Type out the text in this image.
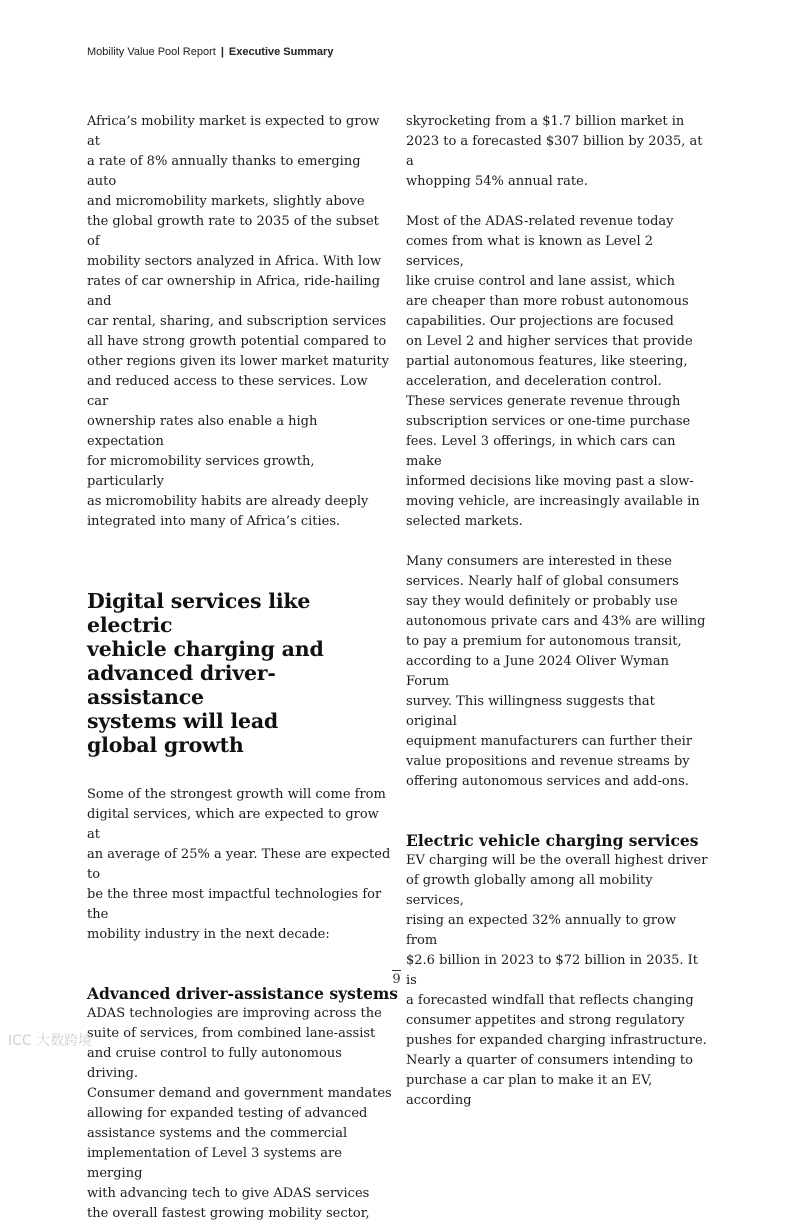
Mobility Value Pool Report | Executive Summary

Africa’s mobility market is expected to grow at
a rate of 8% annually thanks to emerging auto
and micromobility markets, slightly above
the global growth rate to 2035 of the subset of
mobility sectors analyzed in Africa. With low
rates of car ownership in Africa, ride-hailing and
car rental, sharing, and subscription services
all have strong growth potential compared to
other regions given its lower market maturity
and reduced access to these services. Low car
ownership rates also enable a high expectation
for micromobility services growth, particularly
as micromobility habits are already deeply
integrated into many of Africa’s cities.

Digital services like electric
vehicle charging and
advanced driver-assistance
systems will lead
global growth

Some of the strongest growth will come from
digital services, which are expected to grow at
an average of 25% a year. These are expected to
be the three most impactful technologies for the
mobility industry in the next decade:

Advanced driver-assistance systems

ADAS technologies are improving across the
suite of services, from combined lane-assist
and cruise control to fully autonomous driving.
Consumer demand and government mandates
allowing for expanded testing of advanced
assistance systems and the commercial
implementation of Level 3 systems are merging
with advancing tech to give ADAS services
the overall fastest growing mobility sector,

skyrocketing from a $1.7 billion market in
2023 to a forecasted $307 billion by 2035, at a
whopping 54% annual rate.

Most of the ADAS-related revenue today
comes from what is known as Level 2 services,
like cruise control and lane assist, which
are cheaper than more robust autonomous
capabilities. Our projections are focused
on Level 2 and higher services that provide
partial autonomous features, like steering,
acceleration, and deceleration control.
These services generate revenue through
subscription services or one-time purchase
fees. Level 3 offerings, in which cars can make
informed decisions like moving past a slow-
moving vehicle, are increasingly available in
selected markets.

Many consumers are interested in these
services. Nearly half of global consumers
say they would definitely or probably use
autonomous private cars and 43% are willing
to pay a premium for autonomous transit,
according to a June 2024 Oliver Wyman Forum
survey. This willingness suggests that original
equipment manufacturers can further their
value propositions and revenue streams by
offering autonomous services and add-ons.

Electric vehicle charging services

EV charging will be the overall highest driver
of growth globally among all mobility services,
rising an expected 32% annually to grow from
$2.6 billion in 2023 to $72 billion in 2035. It is
a forecasted windfall that reflects changing
consumer appetites and strong regulatory
pushes for expanded charging infrastructure.
Nearly a quarter of consumers intending to
purchase a car plan to make it an EV, according

9
ICC 大数跨境
